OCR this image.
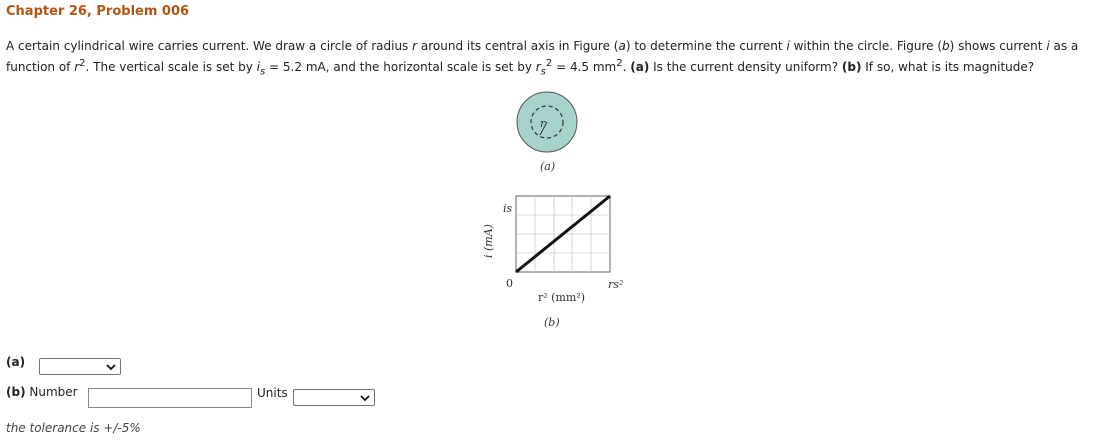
Chapter 26, Problem 006
A certain cylindrical wire carries current. We draw a circle of radius r around its central axis in Figure (a) to determine the current i within the circle. Figure (b) shows current i as a function of $r^2$. The vertical scale is set by $i_s = 5.2$ mA, and the horizontal scale is set by $r_s^2 = 4.5$ $mm^2$. (a) Is the current density uniform? (b) If so, what is its magnitude?
r
(a)
i (mA)
is
0	rs²
r² (mm²)
(b)
(a)
(b) Number	Units
the tolerance is +/-5%
